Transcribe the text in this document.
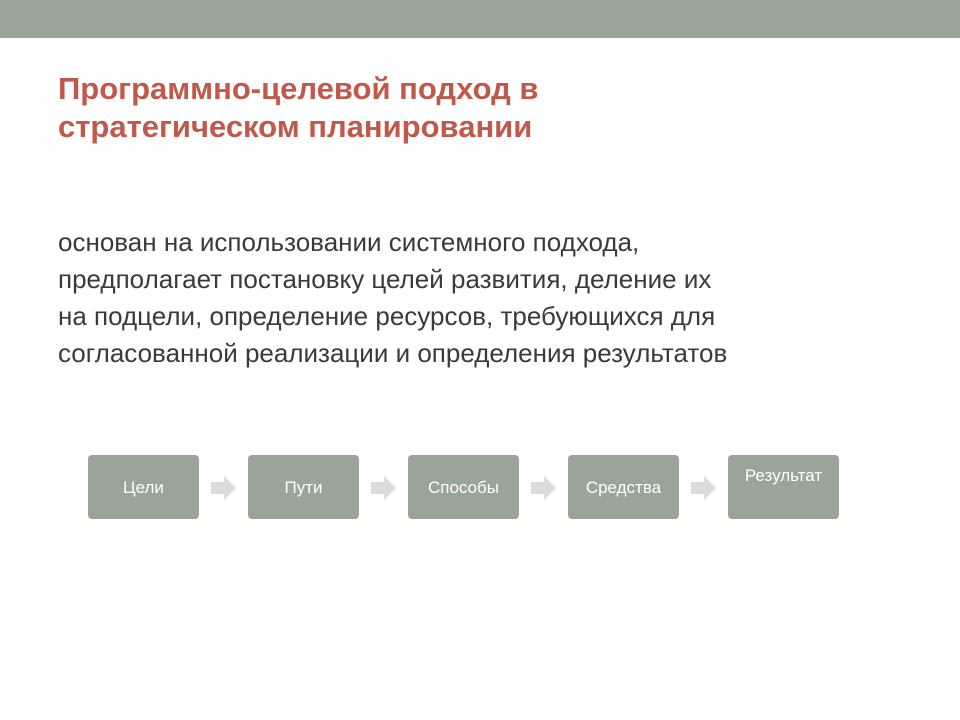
Программно-целевой подход в
стратегическом планировании

основан на использовании системного подхода,
предполагает постановку целей развития, деление их
на подцели, определение ресурсов, требующихся для
согласованной реализации и определения результатов

Цели	Пути	Способы	Средства
Результат
